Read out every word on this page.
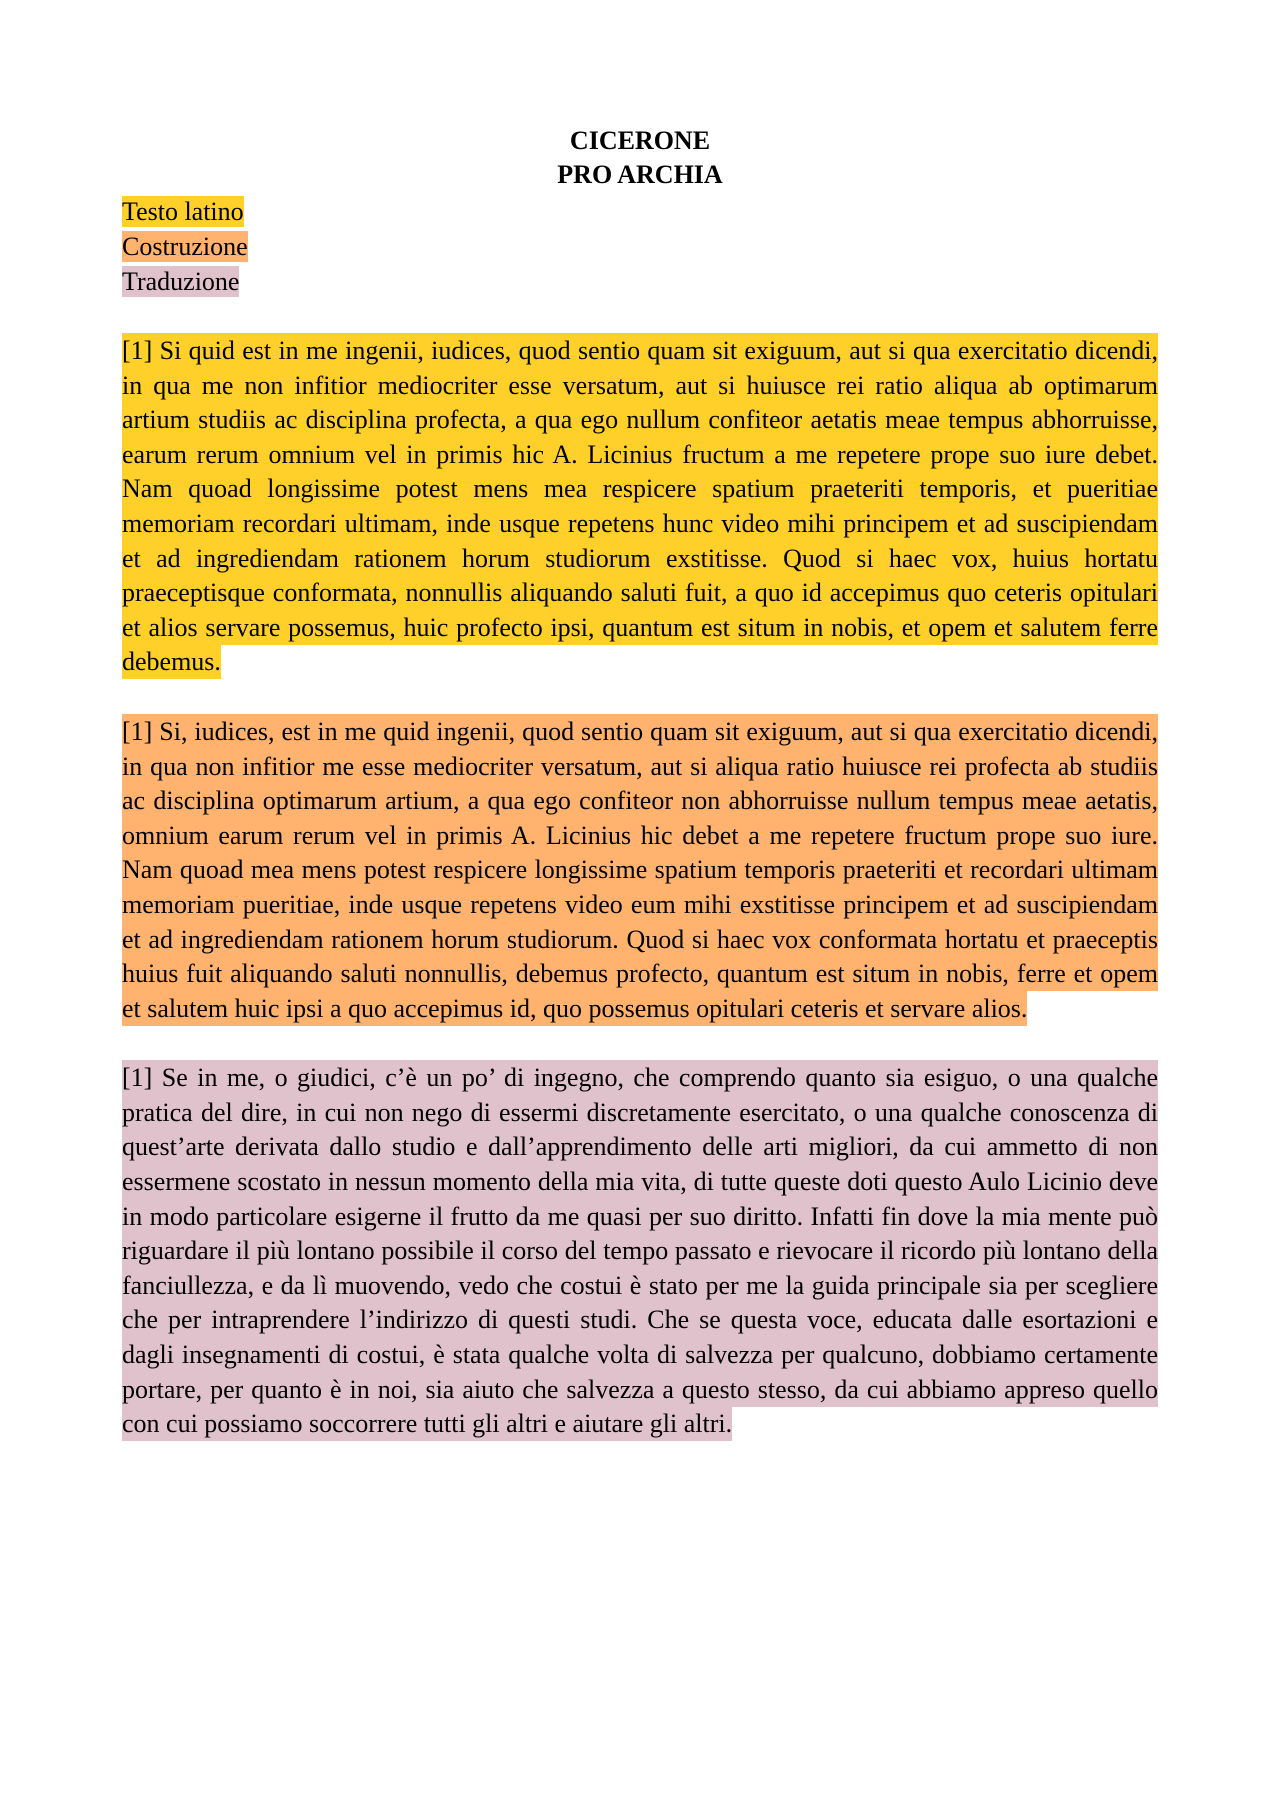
CICERONE

PRO ARCHIA

Testo latino
Costruzione
Traduzione

[1] Si quid est in me ingenii, iudices, quod sentio quam sit exiguum, aut si qua exercitatio dicendi, in qua me non infitior mediocriter esse versatum, aut si huiusce rei ratio aliqua ab optimarum artium studiis ac disciplina profecta, a qua ego nullum confiteor aetatis meae tempus abhorruisse, earum rerum omnium vel in primis hic A. Licinius fructum a me repetere prope suo iure debet. Nam quoad longissime potest mens mea respicere spatium praeteriti temporis, et pueritiae memoriam recordari ultimam, inde usque repetens hunc video mihi principem et ad suscipiendam et ad ingrediendam rationem horum studiorum exstitisse. Quod si haec vox, huius hortatu praeceptisque conformata, nonnullis aliquando saluti fuit, a quo id accepimus quo ceteris opitulari et alios servare possemus, huic profecto ipsi, quantum est situm in nobis, et opem et salutem ferre debemus.

[1] Si, iudices, est in me quid ingenii, quod sentio quam sit exiguum, aut si qua exercitatio dicendi, in qua non infitior me esse mediocriter versatum, aut si aliqua ratio huiusce rei profecta ab studiis ac disciplina optimarum artium, a qua ego confiteor non abhorruisse nullum tempus meae aetatis, omnium earum rerum vel in primis A. Licinius hic debet a me repetere fructum prope suo iure. Nam quoad mea mens potest respicere longissime spatium temporis praeteriti et recordari ultimam memoriam pueritiae, inde usque repetens video eum mihi exstitisse principem et ad suscipiendam et ad ingrediendam rationem horum studiorum. Quod si haec vox conformata hortatu et praeceptis huius fuit aliquando saluti nonnullis, debemus profecto, quantum est situm in nobis, ferre et opem et salutem huic ipsi a quo accepimus id, quo possemus opitulari ceteris et servare alios.

[1] Se in me, o giudici, c’è un po’ di ingegno, che comprendo quanto sia esiguo, o una qualche pratica del dire, in cui non nego di essermi discretamente esercitato, o una qualche conoscenza di quest’arte derivata dallo studio e dall’apprendimento delle arti migliori, da cui ammetto di non essermene scostato in nessun momento della mia vita, di tutte queste doti questo Aulo Licinio deve in modo particolare esigerne il frutto da me quasi per suo diritto. Infatti fin dove la mia mente può riguardare il più lontano possibile il corso del tempo passato e rievocare il ricordo più lontano della fanciullezza, e da lì muovendo, vedo che costui è stato per me la guida principale sia per scegliere che per intraprendere l’indirizzo di questi studi. Che se questa voce, educata dalle esortazioni e dagli insegnamenti di costui, è stata qualche volta di salvezza per qualcuno, dobbiamo certamente portare, per quanto è in noi, sia aiuto che salvezza a questo stesso, da cui abbiamo appreso quello con cui possiamo soccorrere tutti gli altri e aiutare gli altri.
